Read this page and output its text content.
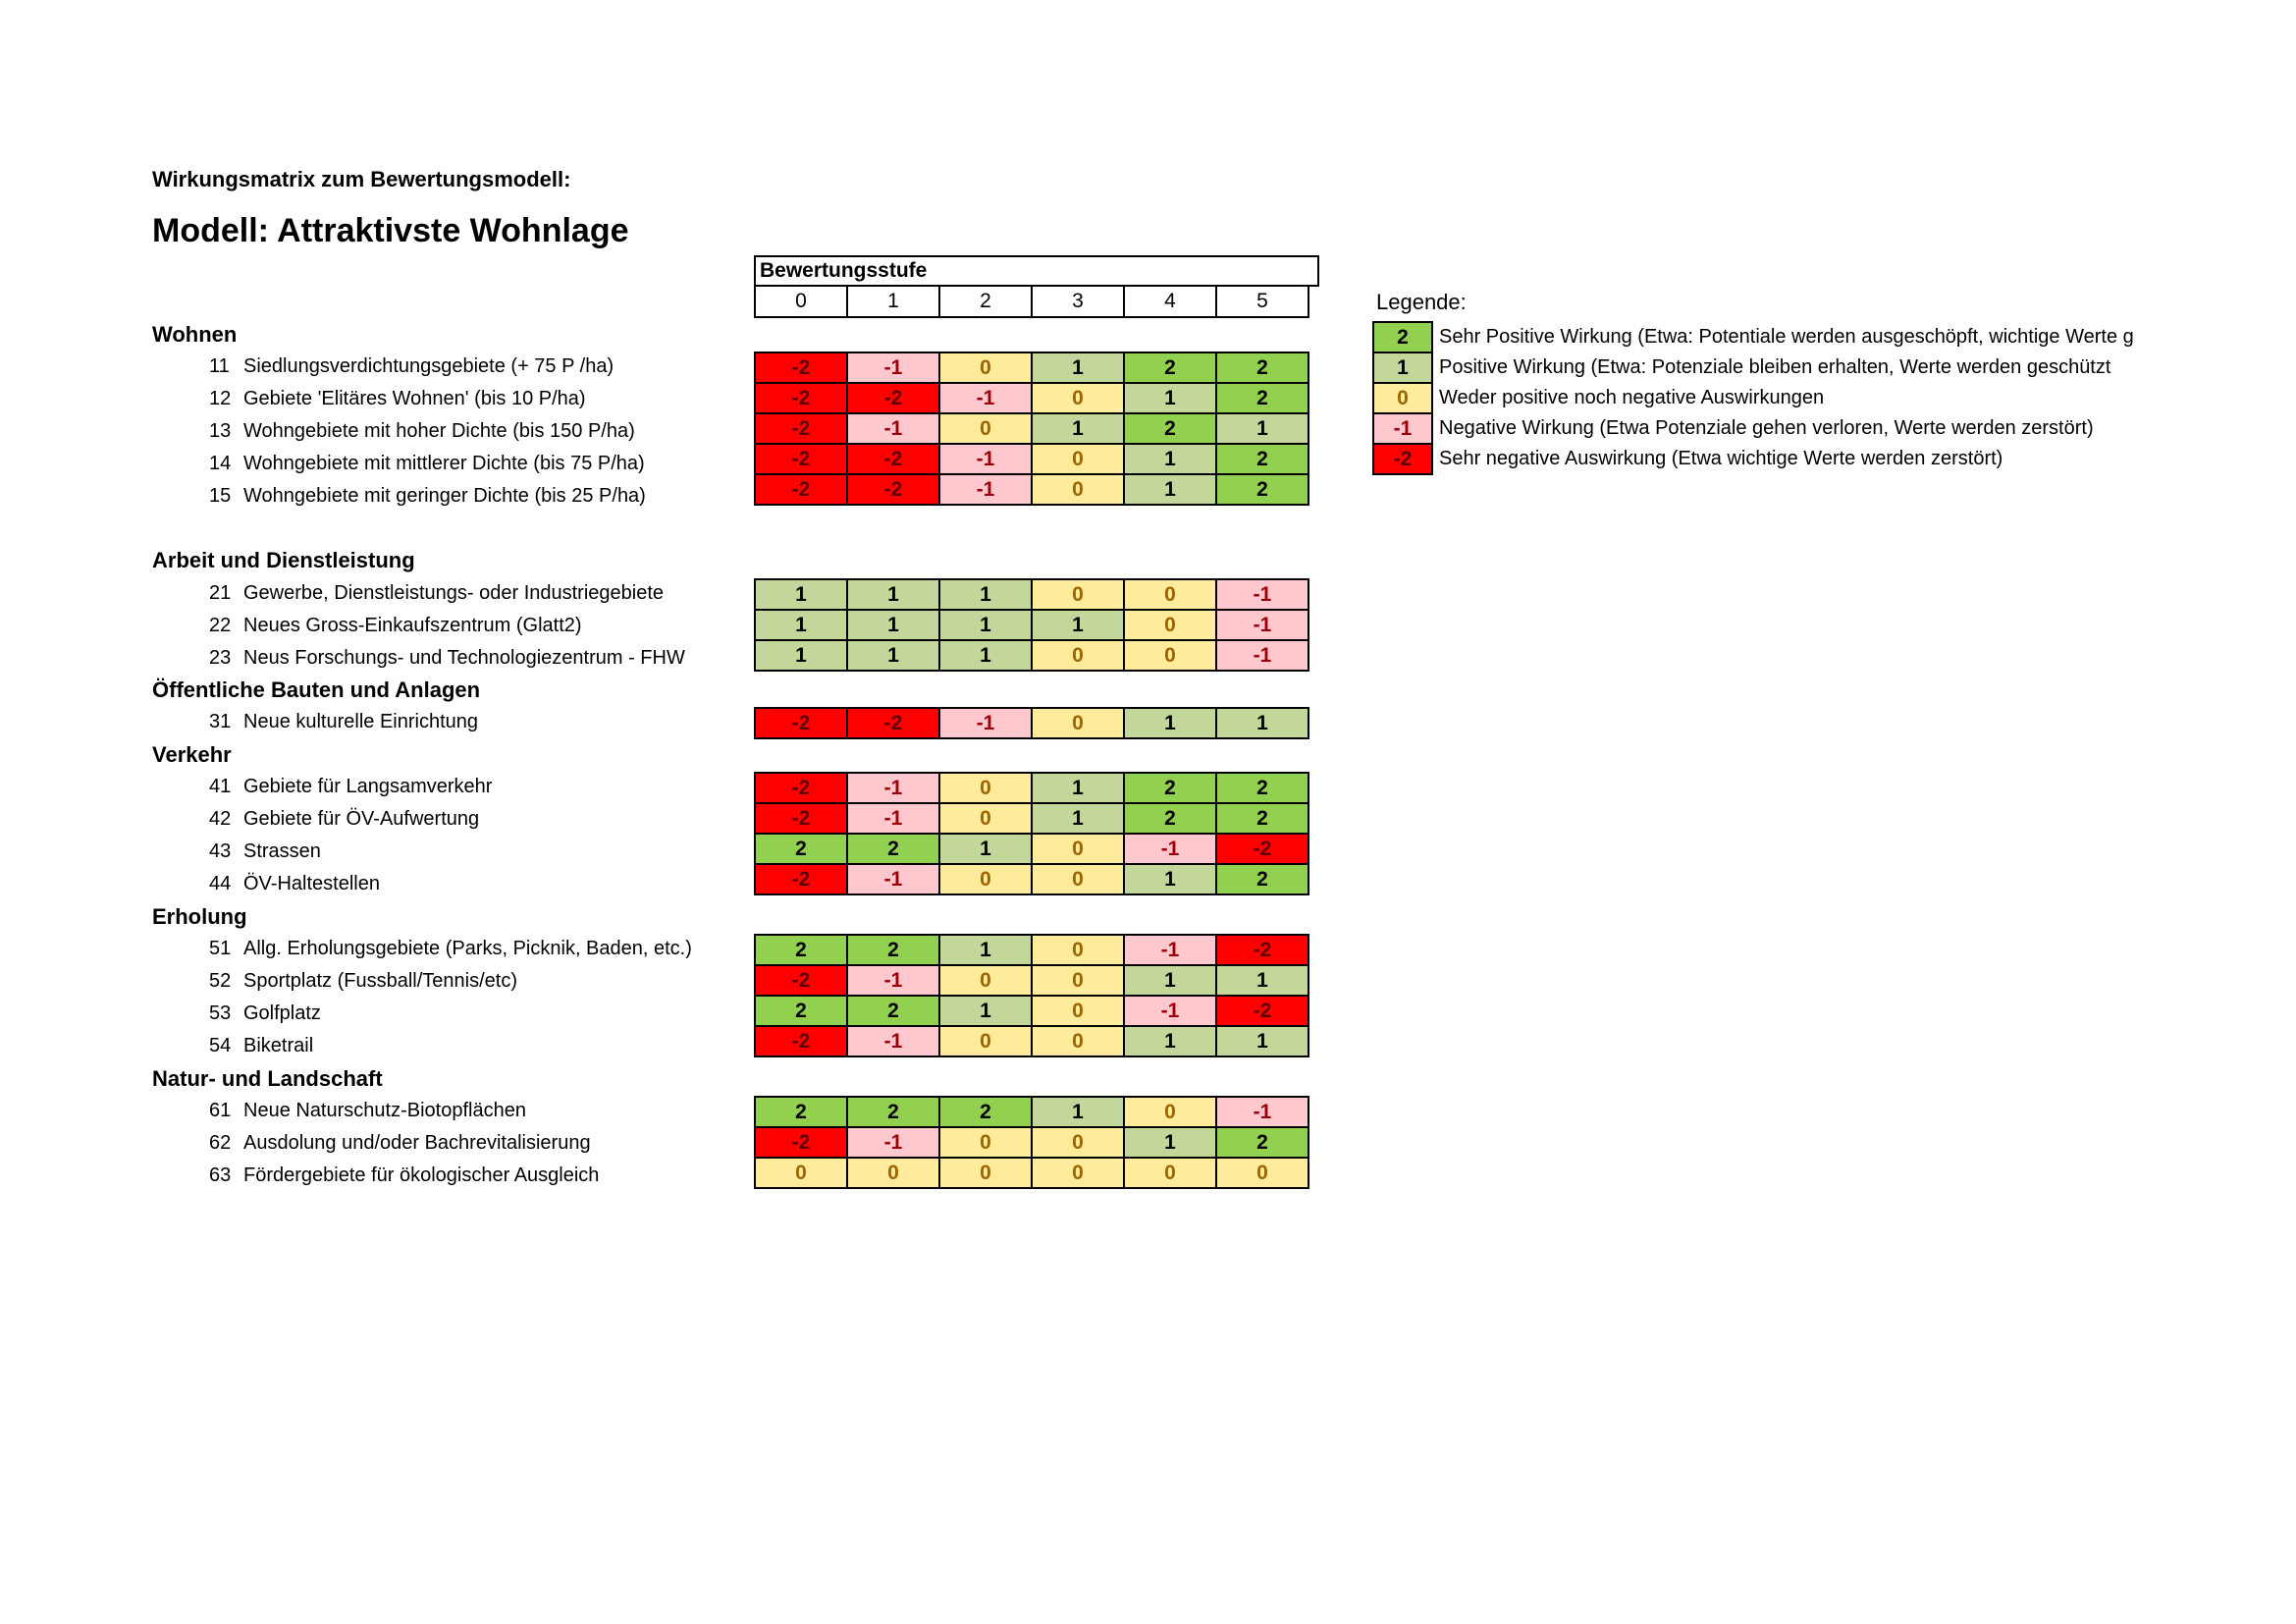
Wirkungsmatrix zum Bewertungsmodell:
Modell: Attraktivste Wohnlage
Bewertungsstufe
0	1	2	3	4	5
Wohnen
11 Siedlungsverdichtungsgebiete (+ 75 P /ha)	-2	-1	0	1	2	2
12 Gebiete 'Elitäres Wohnen' (bis 10 P/ha)	-2	-2	-1	0	1	2
13 Wohngebiete mit hoher Dichte (bis 150 P/ha)	-2	-1	0	1	2	1
14 Wohngebiete mit mittlerer Dichte (bis 75 P/ha)	-2	-2	-1	0	1	2
15 Wohngebiete mit geringer Dichte (bis 25 P/ha)	-2	-2	-1	0	1	2
Arbeit und Dienstleistung
21 Gewerbe, Dienstleistungs- oder Industriegebiete	1	1	1	0	0	-1
22 Neues Gross-Einkaufszentrum (Glatt2)	1	1	1	1	0	-1
23 Neus Forschungs- und Technologiezentrum - FHW	1	1	1	0	0	-1
Öffentliche Bauten und Anlagen
31 Neue kulturelle Einrichtung	-2	-2	-1	0	1	1
Verkehr
41 Gebiete für Langsamverkehr	-2	-1	0	1	2	2
42 Gebiete für ÖV-Aufwertung	-2	-1	0	1	2	2
43 Strassen	2	2	1	0	-1	-2
44 ÖV-Haltestellen	-2	-1	0	0	1	2
Erholung
51 Allg. Erholungsgebiete (Parks, Picknik, Baden, etc.)	2	2	1	0	-1	-2
52 Sportplatz (Fussball/Tennis/etc)	-2	-1	0	0	1	1
53 Golfplatz	2	2	1	0	-1	-2
54 Biketrail	-2	-1	0	0	1	1
Natur- und Landschaft
61 Neue Naturschutz-Biotopflächen	2	2	2	1	0	-1
62 Ausdolung und/oder Bachrevitalisierung	-2	-1	0	0	1	2
63 Fördergebiete für ökologischer Ausgleich	0	0	0	0	0	0
Legende:
2	Sehr Positive Wirkung (Etwa: Potentiale werden ausgeschöpft, wichtige Werte g
1	Positive Wirkung (Etwa: Potenziale bleiben erhalten, Werte werden geschützt
0	Weder positive noch negative Auswirkungen
-1	Negative Wirkung (Etwa Potenziale gehen verloren, Werte werden zerstört)
-2	Sehr negative Auswirkung (Etwa wichtige Werte werden zerstört)
